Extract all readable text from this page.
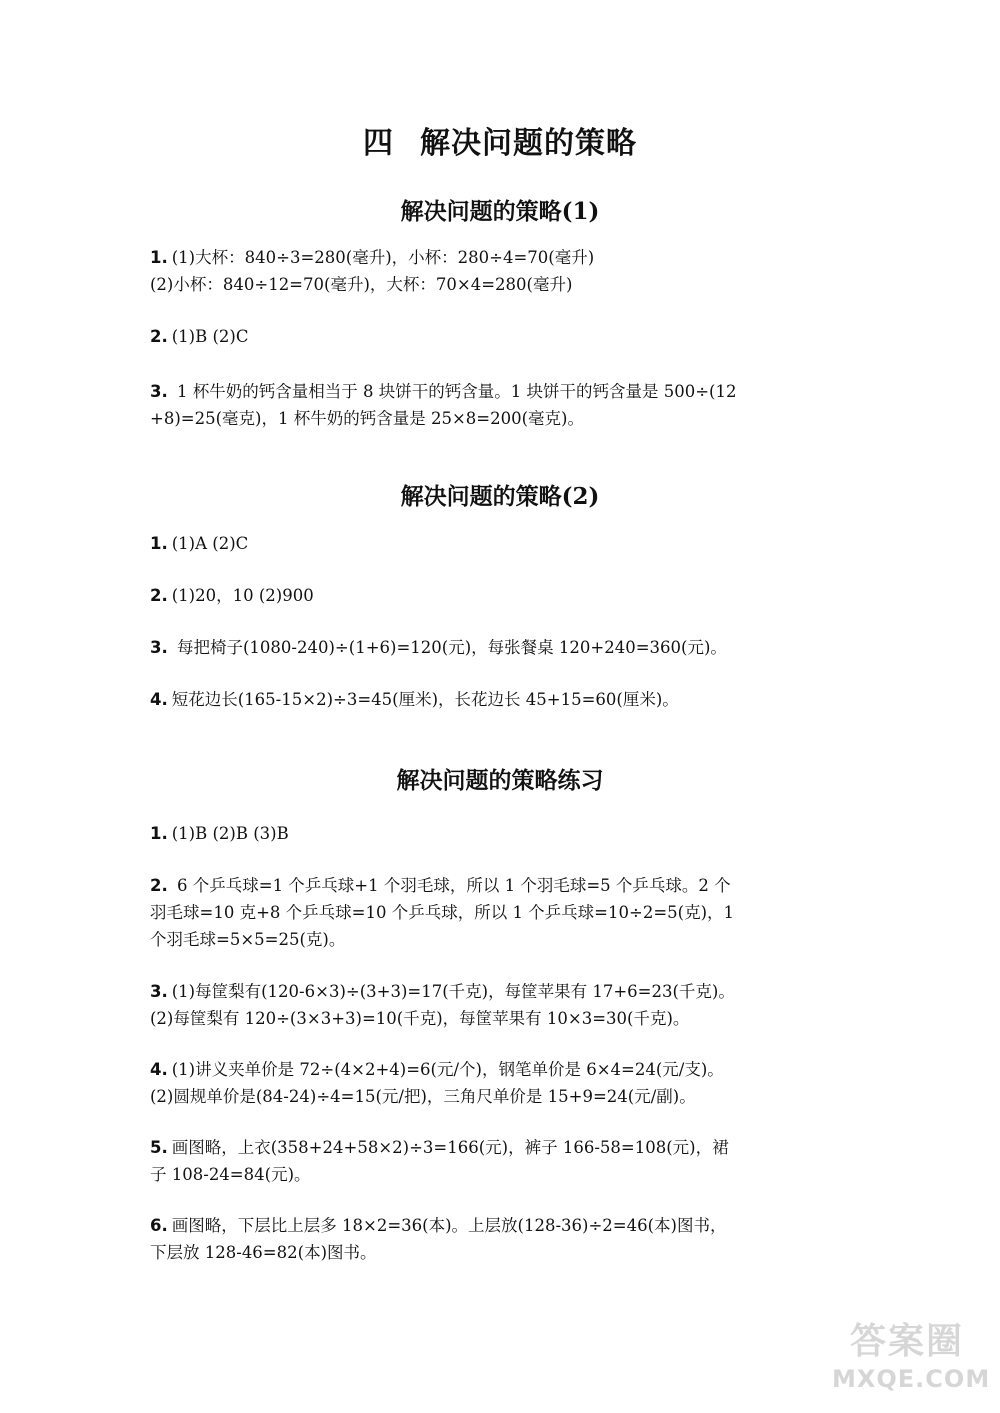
四 解决问题的策略
解决问题的策略(1)
1. (1)大杯：840÷3=280(毫升)，小杯：280÷4=70(毫升)
(2)小杯：840÷12=70(毫升)，大杯：70×4=280(毫升)
2. (1)B (2)C
3. 1 杯牛奶的钙含量相当于 8 块饼干的钙含量。1 块饼干的钙含量是 500÷(12
+8)=25(毫克)，1 杯牛奶的钙含量是 25×8=200(毫克)。
解决问题的策略(2)
1. (1)A (2)C
2. (1)20，10 (2)900
3. 每把椅子(1080-240)÷(1+6)=120(元)，每张餐桌 120+240=360(元)。
4. 短花边长(165-15×2)÷3=45(厘米)，长花边长 45+15=60(厘米)。
解决问题的策略练习
1. (1)B (2)B (3)B
2. 6 个乒乓球=1 个乒乓球+1 个羽毛球，所以 1 个羽毛球=5 个乒乓球。2 个
羽毛球=10 克+8 个乒乓球=10 个乒乓球，所以 1 个乒乓球=10÷2=5(克)，1
个羽毛球=5×5=25(克)。
3. (1)每筐梨有(120-6×3)÷(3+3)=17(千克)，每筐苹果有 17+6=23(千克)。
(2)每筐梨有 120÷(3×3+3)=10(千克)，每筐苹果有 10×3=30(千克)。
4. (1)讲义夹单价是 72÷(4×2+4)=6(元/个)，钢笔单价是 6×4=24(元/支)。
(2)圆规单价是(84-24)÷4=15(元/把)，三角尺单价是 15+9=24(元/副)。
5. 画图略，上衣(358+24+58×2)÷3=166(元)，裤子 166-58=108(元)，裙
子 108-24=84(元)。
6. 画图略，下层比上层多 18×2=36(本)。上层放(128-36)÷2=46(本)图书，
下层放 128-46=82(本)图书。
答案圈
MXQE.COM
